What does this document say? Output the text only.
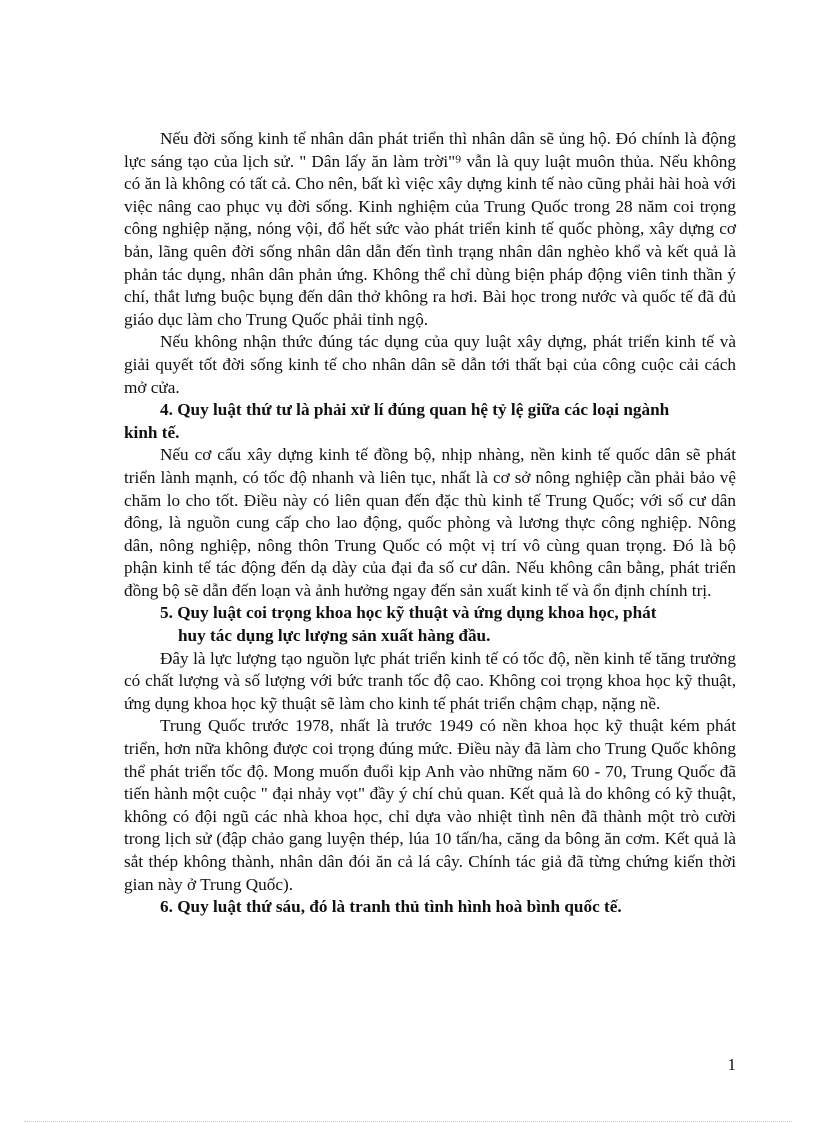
Nếu đời sống kinh tế nhân dân phát triển thì nhân dân sẽ ủng hộ. Đó chính là động lực sáng tạo của lịch sử. " Dân lấy ăn làm trời"⁹ vẫn là quy luật muôn thủa. Nếu không có ăn là không có tất cả. Cho nên, bất kì việc xây dựng kinh tế nào cũng phải hài hoà với việc nâng cao phục vụ đời sống. Kinh nghiệm của Trung Quốc trong 28 năm coi trọng công nghiệp nặng, nóng vội, đổ hết sức vào phát triển kinh tế quốc phòng, xây dựng cơ bản, lãng quên đời sống nhân dân dẫn đến tình trạng nhân dân nghèo khổ và kết quả là phản tác dụng, nhân dân phản ứng. Không thể chỉ dùng biện pháp động viên tinh thần ý chí, thắt lưng buộc bụng đến dân thở không ra hơi. Bài học trong nước và quốc tế đã đủ giáo dục làm cho Trung Quốc phải tỉnh ngộ.

Nếu không nhận thức đúng tác dụng của quy luật xây dựng, phát triển kinh tế và giải quyết tốt đời sống kinh tế cho nhân dân sẽ dẫn tới thất bại của công cuộc cải cách mở cửa.

4. Quy luật thứ tư là phải xử lí đúng quan hệ tỷ lệ giữa các loại ngành
kinh tế.

Nếu cơ cấu xây dựng kinh tế đồng bộ, nhịp nhàng, nền kinh tế quốc dân sẽ phát triển lành mạnh, có tốc độ nhanh và liên tục, nhất là cơ sở nông nghiệp cần phải bảo vệ chăm lo cho tốt. Điều này có liên quan đến đặc thù kinh tế Trung Quốc; với số cư dân đông, là nguồn cung cấp cho lao động, quốc phòng và lương thực công nghiệp. Nông dân, nông nghiệp, nông thôn Trung Quốc có một vị trí vô cùng quan trọng. Đó là bộ phận kinh tế tác động đến dạ dày của đại đa số cư dân. Nếu không cân bằng, phát triển đồng bộ sẽ dẫn đến loạn và ảnh hưởng ngay đến sản xuất kinh tế và ổn định chính trị.

5. Quy luật coi trọng khoa học kỹ thuật và ứng dụng khoa học, phát
huy tác dụng lực lượng sản xuất hàng đầu.

Đây là lực lượng tạo nguồn lực phát triển kinh tế có tốc độ, nền kinh tế tăng trưởng có chất lượng và số lượng với bức tranh tốc độ cao. Không coi trọng khoa học kỹ thuật, ứng dụng khoa học kỹ thuật sẽ làm cho kinh tế phát triển chậm chạp, nặng nề.

Trung Quốc trước 1978, nhất là trước 1949 có nền khoa học kỹ thuật kém phát triển, hơn nữa không được coi trọng đúng mức. Điều này đã làm cho Trung Quốc không thể phát triển tốc độ. Mong muốn đuổi kịp Anh vào những năm 60 - 70, Trung Quốc đã tiến hành một cuộc " đại nhảy vọt" đầy ý chí chủ quan. Kết quả là do không có kỹ thuật, không có đội ngũ các nhà khoa học, chỉ dựa vào nhiệt tình nên đã thành một trò cười trong lịch sử (đập chảo gang luyện thép, lúa 10 tấn/ha, căng da bông ăn cơm. Kết quả là sắt thép không thành, nhân dân đói ăn cả lá cây. Chính tác giả đã từng chứng kiến thời gian này ở Trung Quốc).

6. Quy luật thứ sáu, đó là tranh thủ tình hình hoà bình quốc tế.

1
